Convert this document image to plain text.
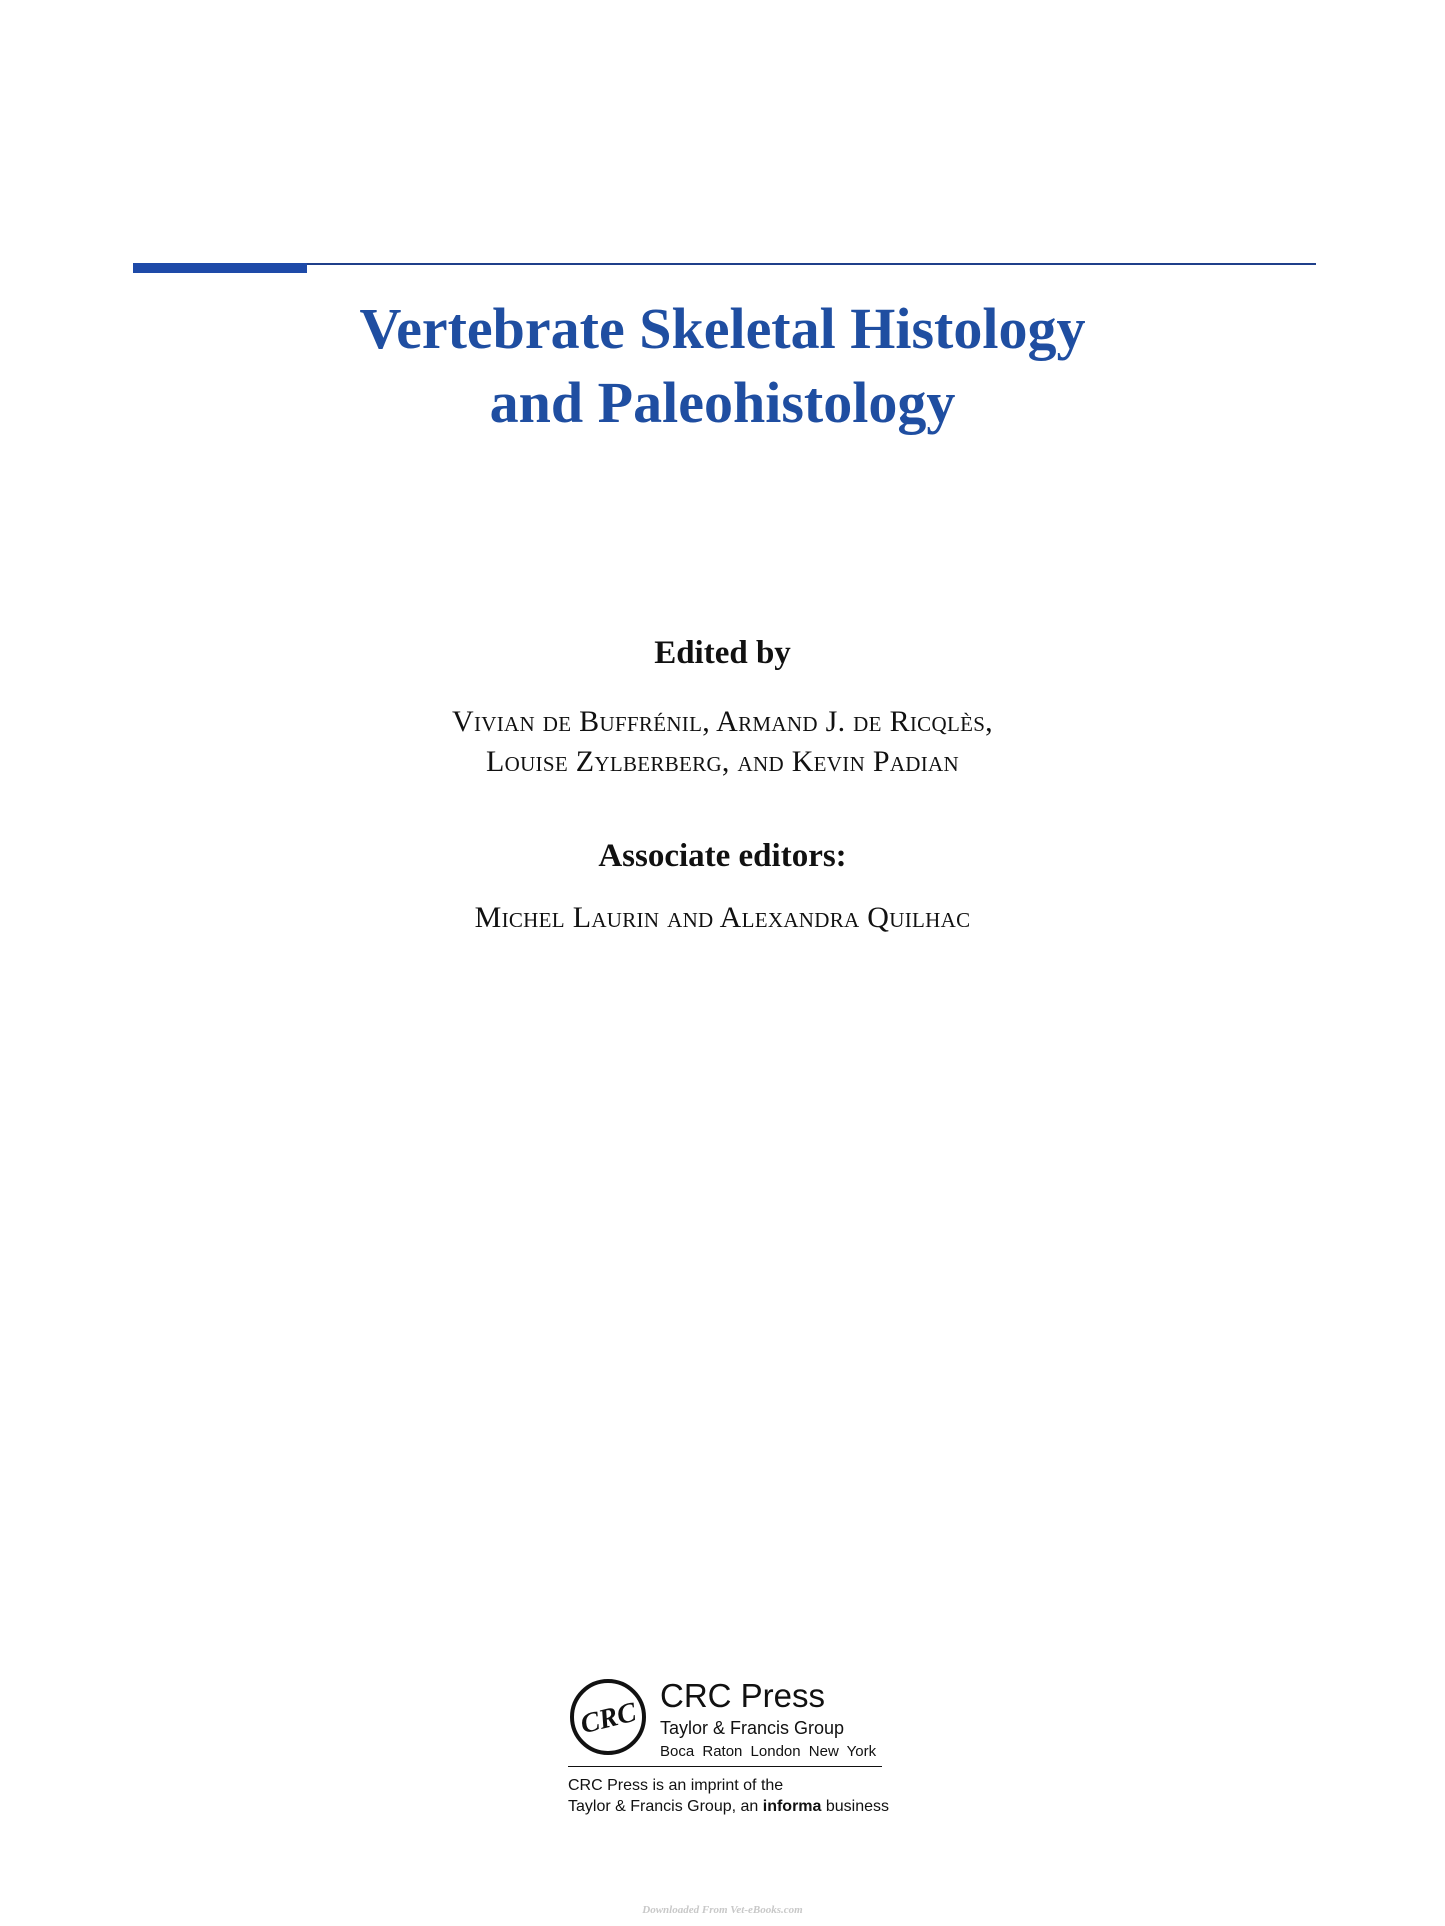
Vertebrate Skeletal Histology
and Paleohistology
Edited by
Vivian de Buffrénil, Armand J. de Ricqlès,
Louise Zylberberg, and Kevin Padian
Associate editors:
Michel Laurin and Alexandra Quilhac
CRC
CRC Press
Taylor & Francis Group
Boca Raton London New York
CRC Press is an imprint of the
Taylor & Francis Group, an informa business
Downloaded From Vet-eBooks.com
